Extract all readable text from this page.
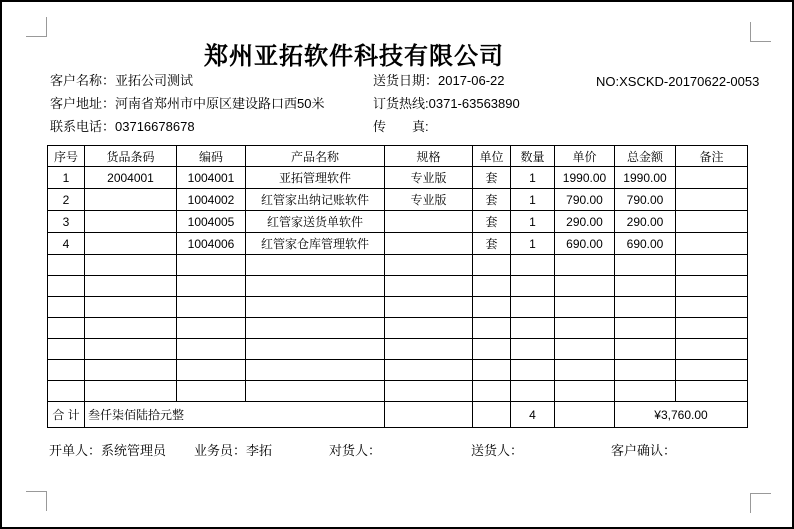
郑州亚拓软件科技有限公司
客户名称：亚拓公司测试
客户地址：河南省郑州市中原区建设路口西50米
联系电话：03716678678
送货日期：2017-06-22
订货热线:0371-63563890
传　　真:
NO:XSCKD-20170622-0053
序号	货品条码	编码	产品名称	规格	单位	数量	单价	总金额	备注
1	2004001	1004001	亚拓管理软件	专业版	套	1	1990.00	1990.00	
2		1004002	红管家出纳记账软件	专业版	套	1	790.00	790.00	
3		1004005	红管家送货单软件		套	1	290.00	290.00	
4		1004006	红管家仓库管理软件		套	1	690.00	690.00	

合 计	叁仟柒佰陆拾元整					4		¥3,760.00	
开单人：系统管理员 业务员：李拓	对货人：	送货人：	客户确认：
